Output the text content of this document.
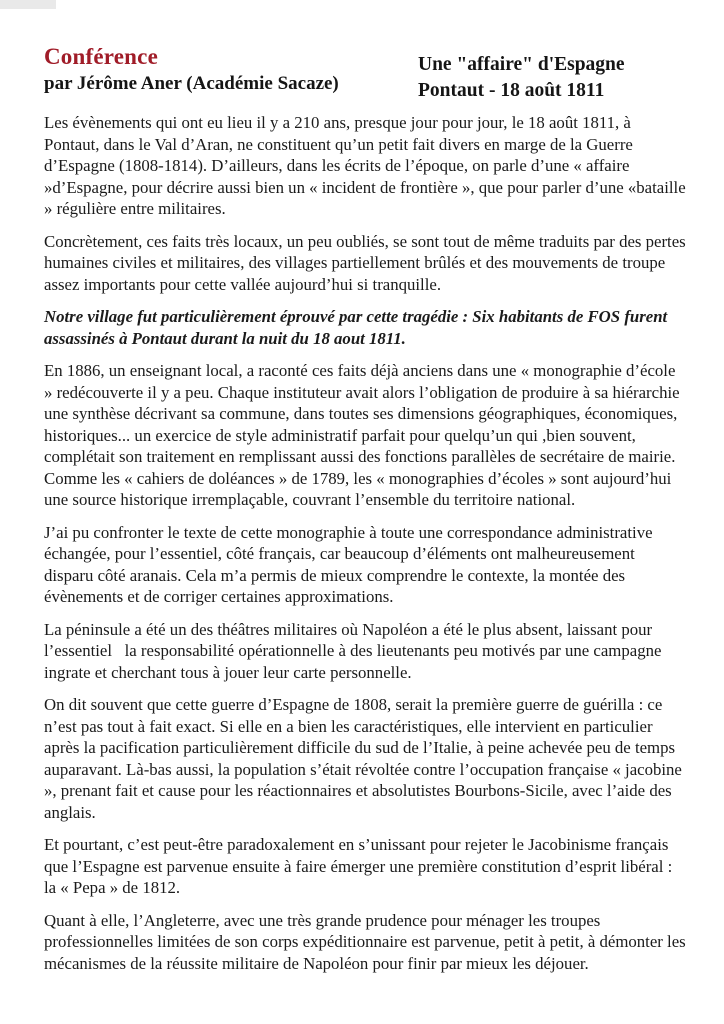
Conférence
par Jérôme Aner (Académie Sacaze)
Une "affaire" d'Espagne
Pontaut - 18 août 1811

Les évènements qui ont eu lieu il y a 210 ans, presque jour pour jour, le 18 août 1811, à Pontaut, dans le Val d’Aran, ne constituent qu’un petit fait divers en marge de la Guerre d’Espagne (1808-1814). D’ailleurs, dans les écrits de l’époque, on parle d’une « affaire »d’Espagne, pour décrire aussi bien un « incident de frontière », que pour parler d’une «bataille » régulière entre militaires.

Concrètement, ces faits très locaux, un peu oubliés, se sont tout de même traduits par des pertes humaines civiles et militaires, des villages partiellement brûlés et des mouvements de troupe assez importants pour cette vallée aujourd’hui si tranquille.

Notre village fut particulièrement éprouvé par cette tragédie : Six habitants de FOS furent assassinés à Pontaut durant la nuit du 18 aout 1811.

En 1886, un enseignant local, a raconté ces faits déjà anciens dans une « monographie d’école » redécouverte il y a peu. Chaque instituteur avait alors l’obligation de produire à sa hiérarchie une synthèse décrivant sa commune, dans toutes ses dimensions géographiques, économiques, historiques... un exercice de style administratif parfait pour quelqu’un qui ,bien souvent, complétait son traitement en remplissant aussi des fonctions parallèles de secrétaire de mairie. Comme les « cahiers de doléances » de 1789, les « monographies d’écoles » sont aujourd’hui une source historique irremplaçable, couvrant l’ensemble du territoire national.

J’ai pu confronter le texte de cette monographie à toute une correspondance administrative échangée, pour l’essentiel, côté français, car beaucoup d’éléments ont malheureusement disparu côté aranais. Cela m’a permis de mieux comprendre le contexte, la montée des évènements et de corriger certaines approximations.

La péninsule a été un des théâtres militaires où Napoléon a été le plus absent, laissant pour l’essentiel  la responsabilité opérationnelle à des lieutenants peu motivés par une campagne ingrate et cherchant tous à jouer leur carte personnelle.

On dit souvent que cette guerre d’Espagne de 1808, serait la première guerre de guérilla : ce n’est pas tout à fait exact. Si elle en a bien les caractéristiques, elle intervient en particulier après la pacification particulièrement difficile du sud de l’Italie, à peine achevée peu de temps auparavant. Là-bas aussi, la population s’était révoltée contre l’occupation française « jacobine », prenant fait et cause pour les réactionnaires et absolutistes Bourbons-Sicile, avec l’aide des anglais.

Et pourtant, c’est peut-être paradoxalement en s’unissant pour rejeter le Jacobinisme français que l’Espagne est parvenue ensuite à faire émerger une première constitution d’esprit libéral : la « Pepa » de 1812.

Quant à elle, l’Angleterre, avec une très grande prudence pour ménager les troupes professionnelles limitées de son corps expéditionnaire est parvenue, petit à petit, à démonter les mécanismes de la réussite militaire de Napoléon pour finir par mieux les déjouer.
